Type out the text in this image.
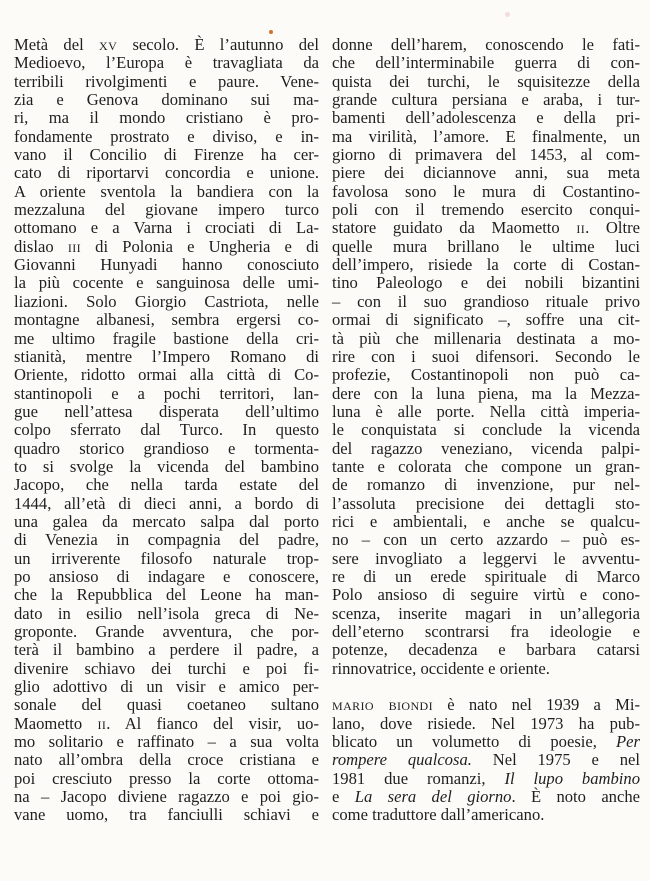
Metà del xv secolo. È l’autunno del
Medioevo, l’Europa è travagliata da
terribili rivolgimenti e paure. Vene-
zia e Genova dominano sui ma-
ri, ma il mondo cristiano è pro-
fondamente prostrato e diviso, e in-
vano il Concilio di Firenze ha cer-
cato di riportarvi concordia e unione.
A oriente sventola la bandiera con la
mezzaluna del giovane impero turco
ottomano e a Varna i crociati di La-
dislao iii di Polonia e Ungheria e di
Giovanni Hunyadi hanno conosciuto
la più cocente e sanguinosa delle umi-
liazioni. Solo Giorgio Castriota, nelle
montagne albanesi, sembra ergersi co-
me ultimo fragile bastione della cri-
stianità, mentre l’Impero Romano di
Oriente, ridotto ormai alla città di Co-
stantinopoli e a pochi territori, lan-
gue nell’attesa disperata dell’ultimo
colpo sferrato dal Turco. In questo
quadro storico grandioso e tormenta-
to si svolge la vicenda del bambino
Jacopo, che nella tarda estate del
1444, all’età di dieci anni, a bordo di
una galea da mercato salpa dal porto
di Venezia in compagnia del padre,
un irriverente filosofo naturale trop-
po ansioso di indagare e conoscere,
che la Repubblica del Leone ha man-
dato in esilio nell’isola greca di Ne-
groponte. Grande avventura, che por-
terà il bambino a perdere il padre, a
divenire schiavo dei turchi e poi fi-
glio adottivo di un visir e amico per-
sonale del quasi coetaneo sultano
Maometto ii. Al fianco del visir, uo-
mo solitario e raffinato – a sua volta
nato all’ombra della croce cristiana e
poi cresciuto presso la corte ottoma-
na – Jacopo diviene ragazzo e poi gio-
vane uomo, tra fanciulli schiavi e
donne dell’harem, conoscendo le fati-
che dell’interminabile guerra di con-
quista dei turchi, le squisitezze della
grande cultura persiana e araba, i tur-
bamenti dell’adolescenza e della pri-
ma virilità, l’amore. E finalmente, un
giorno di primavera del 1453, al com-
piere dei diciannove anni, sua meta
favolosa sono le mura di Costantino-
poli con il tremendo esercito conqui-
statore guidato da Maometto ii. Oltre
quelle mura brillano le ultime luci
dell’impero, risiede la corte di Costan-
tino Paleologo e dei nobili bizantini
– con il suo grandioso rituale privo
ormai di significato –, soffre una cit-
tà più che millenaria destinata a mo-
rire con i suoi difensori. Secondo le
profezie, Costantinopoli non può ca-
dere con la luna piena, ma la Mezza-
luna è alle porte. Nella città imperia-
le conquistata si conclude la vicenda
del ragazzo veneziano, vicenda palpi-
tante e colorata che compone un gran-
de romanzo di invenzione, pur nel-
l’assoluta precisione dei dettagli sto-
rici e ambientali, e anche se qualcu-
no – con un certo azzardo – può es-
sere invogliato a leggervi le avventu-
re di un erede spirituale di Marco
Polo ansioso di seguire virtù e cono-
scenza, inserite magari in un’allegoria
dell’eterno scontrarsi fra ideologie e
potenze, decadenza e barbara catarsi
rinnovatrice, occidente e oriente.

mario biondi è nato nel 1939 a Mi-
lano, dove risiede. Nel 1973 ha pub-
blicato un volumetto di poesie, Per
rompere qualcosa. Nel 1975 e nel
1981 due romanzi, Il lupo bambino
e La sera del giorno. È noto anche
come traduttore dall’americano.
